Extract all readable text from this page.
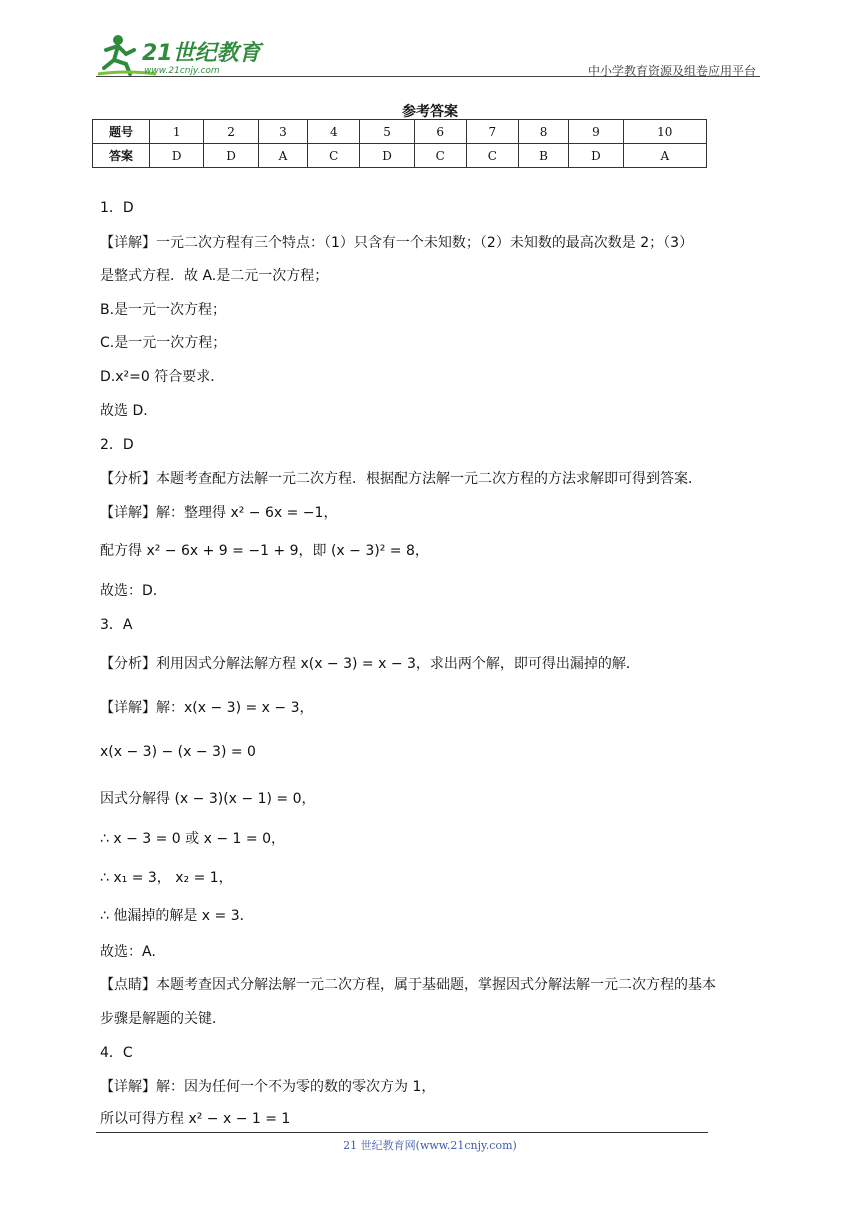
21世纪教育
www.21cnjy.com	中小学教育资源及组卷应用平台
参考答案
题号	1	2	3	4	5	6	7	8	9	10
答案	D	D	A	C	D	C	C	B	D	A
1．D
【详解】一元二次方程有三个特点：（1）只含有一个未知数；（2）未知数的最高次数是 2；（3）
是整式方程．故 A.是二元一次方程；
B.是一元一次方程；
C.是一元一次方程；
D.x²=0 符合要求．
故选 D.
2．D
【分析】本题考查配方法解一元二次方程．根据配方法解一元二次方程的方法求解即可得到答案．
【详解】解：整理得 x² − 6x = −1，
配方得 x² − 6x + 9 = −1 + 9，即 (x − 3)² = 8，
故选：D.
3．A
【分析】利用因式分解法解方程 x(x − 3) = x − 3，求出两个解，即可得出漏掉的解．
【详解】解：x(x − 3) = x − 3，
x(x − 3) − (x − 3) = 0
因式分解得 (x − 3)(x − 1) = 0，
∴ x − 3 = 0 或 x − 1 = 0，
∴ x₁ = 3， x₂ = 1，
∴ 他漏掉的解是 x = 3．
故选：A.
【点睛】本题考查因式分解法解一元二次方程，属于基础题，掌握因式分解法解一元二次方程的基本
步骤是解题的关键．
4．C
【详解】解：因为任何一个不为零的数的零次方为 1，
所以可得方程 x² − x − 1 = 1
21 世纪教育网(www.21cnjy.com)
